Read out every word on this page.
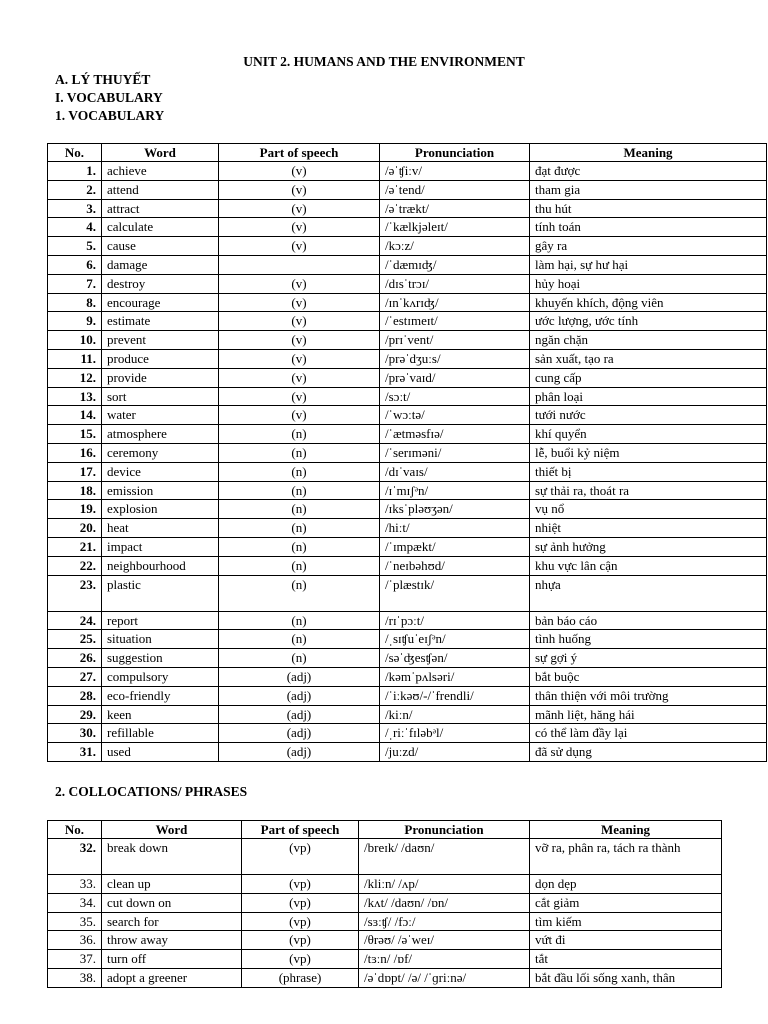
UNIT 2. HUMANS AND THE ENVIRONMENT
A. LÝ THUYẾT
I. VOCABULARY
1. VOCABULARY
No.	Word	Part of speech	Pronunciation	Meaning
1.	achieve	(v)	/əˈʧiːv/	đạt được
2.	attend	(v)	/əˈtend/	tham gia
3.	attract	(v)	/əˈtrækt/	thu hút
4.	calculate	(v)	/ˈkælkjəleɪt/	tính toán
5.	cause	(v)	/kɔːz/	gây ra
6.	damage		/ˈdæmɪʤ/	làm hại, sự hư hại
7.	destroy	(v)	/dɪsˈtrɔɪ/	hủy hoại
8.	encourage	(v)	/ɪnˈkʌrɪʤ/	khuyến khích, động viên
9.	estimate	(v)	/ˈestɪmeɪt/	ước lượng, ước tính
10.	prevent	(v)	/prɪˈvent/	ngăn chặn
11.	produce	(v)	/prəˈdʒuːs/	sản xuất, tạo ra
12.	provide	(v)	/prəˈvaɪd/	cung cấp
13.	sort	(v)	/sɔːt/	phân loại
14.	water	(v)	/ˈwɔːtə/	tưới nước
15.	atmosphere	(n)	/ˈætməsfɪə/	khí quyển
16.	ceremony	(n)	/ˈserɪməni/	lễ, buổi kỷ niệm
17.	device	(n)	/dɪˈvaɪs/	thiết bị
18.	emission	(n)	/ɪˈmɪʃᵊn/	sự thải ra, thoát ra
19.	explosion	(n)	/ɪksˈpləʊʒən/	vụ nổ
20.	heat	(n)	/hiːt/	nhiệt
21.	impact	(n)	/ˈɪmpækt/	sự ảnh hưởng
22.	neighbourhood	(n)	/ˈneɪbəhʊd/	khu vực lân cận
23.	plastic	(n)	/ˈplæstɪk/	nhựa
24.	report	(n)	/rɪˈpɔːt/	bản báo cáo
25.	situation	(n)	/ˌsɪʧuˈeɪʃᵊn/	tình huống
26.	suggestion	(n)	/səˈʤesʧən/	sự gợi ý
27.	compulsory	(adj)	/kəmˈpʌlsəri/	bắt buộc
28.	eco-friendly	(adj)	/ˈiːkəʊ/-/ˈfrendli/	thân thiện với môi trường
29.	keen	(adj)	/kiːn/	mãnh liệt, hăng hái
30.	refillable	(adj)	/ˌriːˈfɪləbᵊl/	có thể làm đầy lại
31.	used	(adj)	/juːzd/	đã sử dụng
2. COLLOCATIONS/ PHRASES
No.	Word	Part of speech	Pronunciation	Meaning
32.	break down	(vp)	/breɪk/ /daʊn/	vỡ ra, phân ra, tách ra thành
33.	clean up	(vp)	/kliːn/ /ʌp/	dọn dẹp
34.	cut down on	(vp)	/kʌt/ /daʊn/ /ɒn/	cắt giảm
35.	search for	(vp)	/sɜːʧ/ /fɔː/	tìm kiếm
36.	throw away	(vp)	/θrəʊ/ /əˈweɪ/	vứt đi
37.	turn off	(vp)	/tɜːn/ /ɒf/	tắt
38.	adopt a greener	(phrase)	/əˈdɒpt/ /ə/ /ˈɡriːnə/	bắt đầu lối sống xanh, thân
